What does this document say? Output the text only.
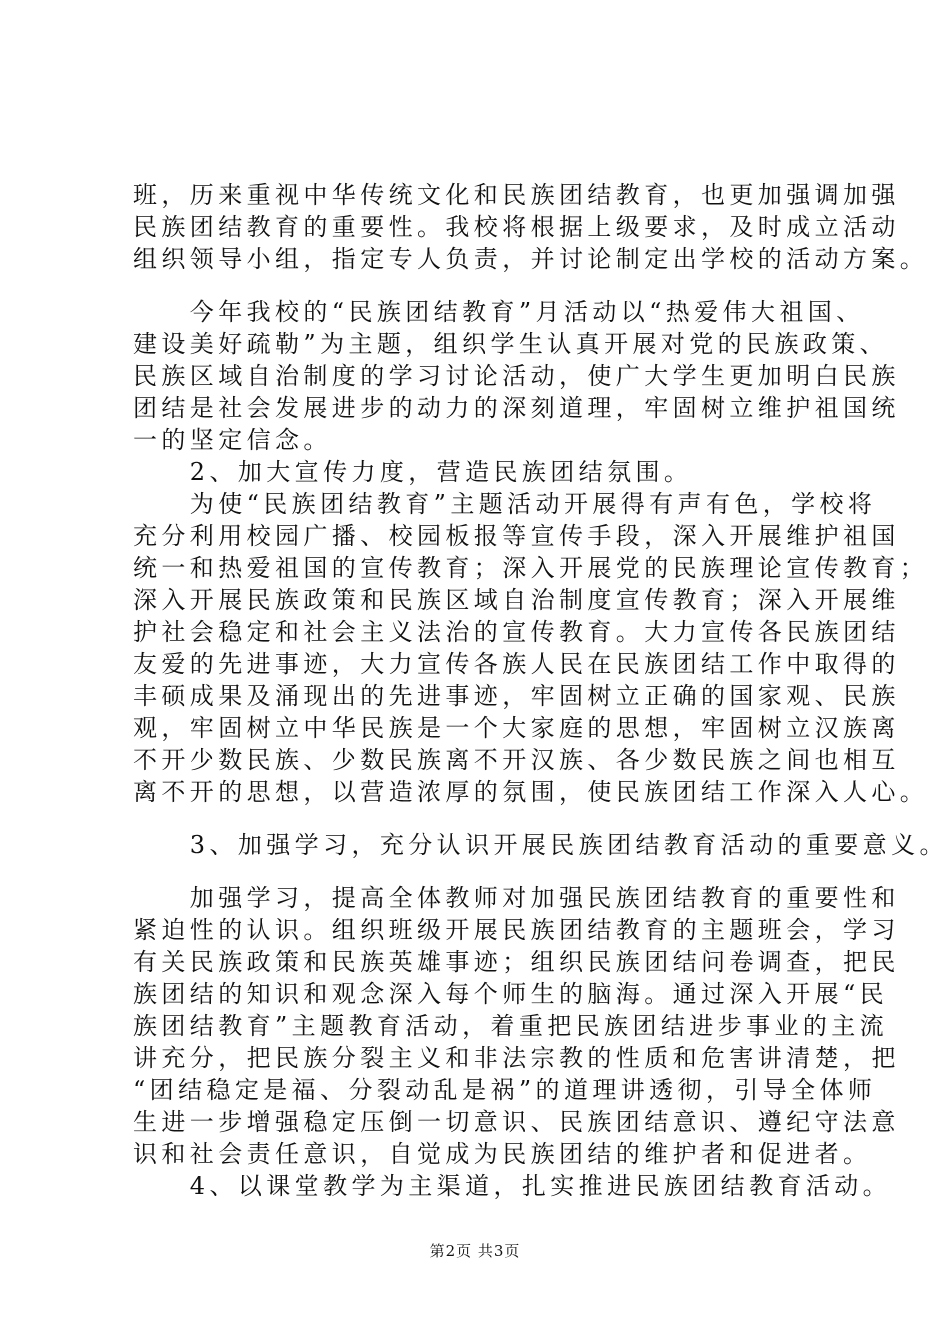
班，历来重视中华传统文化和民族团结教育，也更加强调加强
民族团结教育的重要性。我校将根据上级要求，及时成立活动
组织领导小组，指定专人负责，并讨论制定出学校的活动方案。
　　今年我校的“民族团结教育”月活动以“热爱伟大祖国、
建设美好疏勒”为主题，组织学生认真开展对党的民族政策、
民族区域自治制度的学习讨论活动，使广大学生更加明白民族
团结是社会发展进步的动力的深刻道理，牢固树立维护祖国统
一的坚定信念。
　　2、加大宣传力度，营造民族团结氛围。
　　为使“民族团结教育”主题活动开展得有声有色，学校将
充分利用校园广播、校园板报等宣传手段，深入开展维护祖国
统一和热爱祖国的宣传教育；深入开展党的民族理论宣传教育；
深入开展民族政策和民族区域自治制度宣传教育；深入开展维
护社会稳定和社会主义法治的宣传教育。大力宣传各民族团结
友爱的先进事迹，大力宣传各族人民在民族团结工作中取得的
丰硕成果及涌现出的先进事迹，牢固树立正确的国家观、民族
观，牢固树立中华民族是一个大家庭的思想，牢固树立汉族离
不开少数民族、少数民族离不开汉族、各少数民族之间也相互
离不开的思想，以营造浓厚的氛围，使民族团结工作深入人心。
　　3、加强学习，充分认识开展民族团结教育活动的重要意义。
　　加强学习，提高全体教师对加强民族团结教育的重要性和
紧迫性的认识。组织班级开展民族团结教育的主题班会，学习
有关民族政策和民族英雄事迹；组织民族团结问卷调查，把民
族团结的知识和观念深入每个师生的脑海。通过深入开展“民
族团结教育”主题教育活动，着重把民族团结进步事业的主流
讲充分，把民族分裂主义和非法宗教的性质和危害讲清楚，把
“团结稳定是福、分裂动乱是祸”的道理讲透彻，引导全体师
生进一步增强稳定压倒一切意识、民族团结意识、遵纪守法意
识和社会责任意识，自觉成为民族团结的维护者和促进者。
　　4、以课堂教学为主渠道，扎实推进民族团结教育活动。
第2页 共3页
